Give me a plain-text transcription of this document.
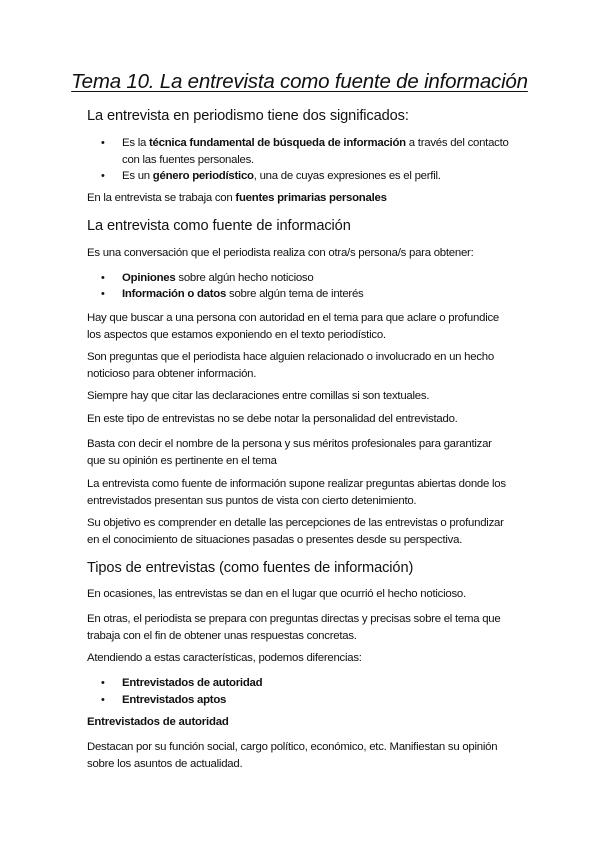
Tema 10. La entrevista como fuente de información
La entrevista en periodismo tiene dos significados:
• Es la técnica fundamental de búsqueda de información a través del contacto con las fuentes personales.
• Es un género periodístico, una de cuyas expresiones es el perfil.

En la entrevista se trabaja con fuentes primarias personales

La entrevista como fuente de información

Es una conversación que el periodista realiza con otra/s persona/s para obtener:

• Opiniones sobre algún hecho noticioso
• Información o datos sobre algún tema de interés

Hay que buscar a una persona con autoridad en el tema para que aclare o profundice los aspectos que estamos exponiendo en el texto periodístico.

Son preguntas que el periodista hace alguien relacionado o involucrado en un hecho noticioso para obtener información.

Siempre hay que citar las declaraciones entre comillas si son textuales.

En este tipo de entrevistas no se debe notar la personalidad del entrevistado.

Basta con decir el nombre de la persona y sus méritos profesionales para garantizar que su opinión es pertinente en el tema

La entrevista como fuente de información supone realizar preguntas abiertas donde los entrevistados presentan sus puntos de vista con cierto detenimiento.

Su objetivo es comprender en detalle las percepciones de las entrevistas o profundizar en el conocimiento de situaciones pasadas o presentes desde su perspectiva.

Tipos de entrevistas (como fuentes de información)

En ocasiones, las entrevistas se dan en el lugar que ocurrió el hecho noticioso.

En otras, el periodista se prepara con preguntas directas y precisas sobre el tema que trabaja con el fin de obtener unas respuestas concretas.

Atendiendo a estas características, podemos diferencias:

• Entrevistados de autoridad
• Entrevistados aptos
Entrevistados de autoridad

Destacan por su función social, cargo político, económico, etc. Manifiestan su opinión sobre los asuntos de actualidad.
